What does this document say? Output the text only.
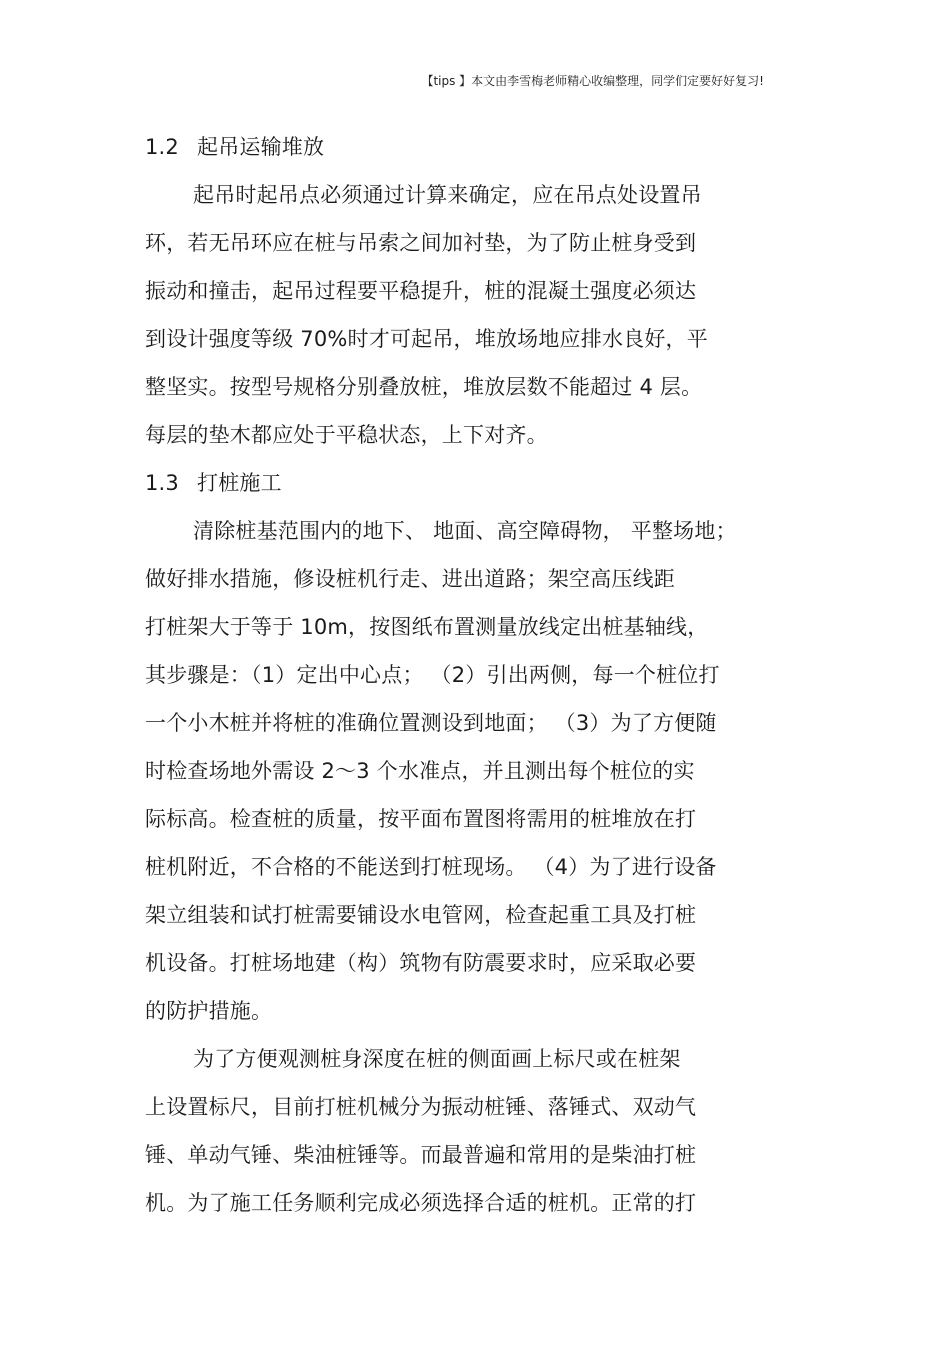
【tips 】本文由李雪梅老师精心收编整理，同学们定要好好复习!
1.2 起吊运输堆放
起吊时起吊点必须通过计算来确定，应在吊点处设置吊
环，若无吊环应在桩与吊索之间加衬垫，为了防止桩身受到
振动和撞击，起吊过程要平稳提升，桩的混凝土强度必须达
到设计强度等级 70%时才可起吊，堆放场地应排水良好，平
整坚实。按型号规格分别叠放桩，堆放层数不能超过 4 层。
每层的垫木都应处于平稳状态，上下对齐。
1.3 打桩施工
清除桩基范围内的地下、 地面、高空障碍物， 平整场地；
做好排水措施，修设桩机行走、进出道路；架空高压线距
打桩架大于等于 10m，按图纸布置测量放线定出桩基轴线，
其步骤是：（1）定出中心点； （2）引出两侧，每一个桩位打
一个小木桩并将桩的准确位置测设到地面； （3）为了方便随
时检查场地外需设 2～3 个水准点，并且测出每个桩位的实
际标高。检查桩的质量，按平面布置图将需用的桩堆放在打
桩机附近，不合格的不能送到打桩现场。 （4）为了进行设备
架立组装和试打桩需要铺设水电管网，检查起重工具及打桩
机设备。打桩场地建（构）筑物有防震要求时，应采取必要
的防护措施。
为了方便观测桩身深度在桩的侧面画上标尺或在桩架
上设置标尺，目前打桩机械分为振动桩锤、落锤式、双动气
锤、单动气锤、柴油桩锤等。而最普遍和常用的是柴油打桩
机。为了施工任务顺利完成必须选择合适的桩机。正常的打
